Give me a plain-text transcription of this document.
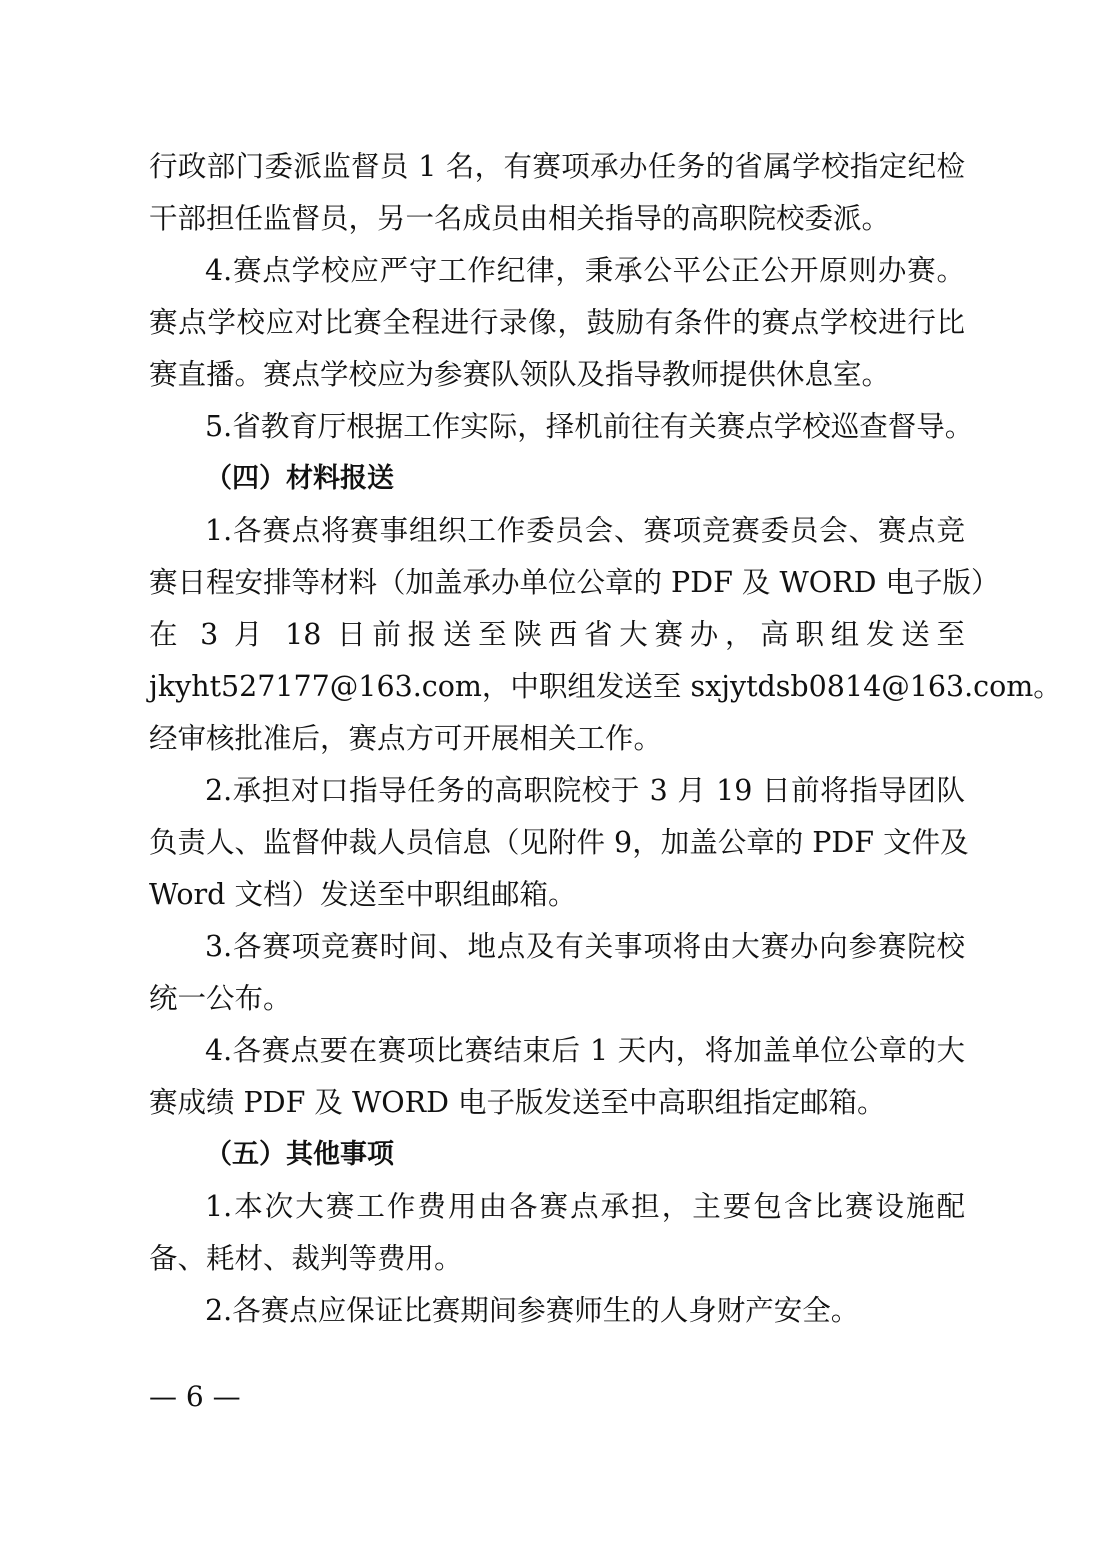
行政部门委派监督员 1 名，有赛项承办任务的省属学校指定纪检
干部担任监督员，另一名成员由相关指导的高职院校委派。
4.赛点学校应严守工作纪律，秉承公平公正公开原则办赛。
赛点学校应对比赛全程进行录像，鼓励有条件的赛点学校进行比
赛直播。赛点学校应为参赛队领队及指导教师提供休息室。
5.省教育厅根据工作实际，择机前往有关赛点学校巡查督导。
（四）材料报送
1.各赛点将赛事组织工作委员会、赛项竞赛委员会、赛点竞
赛日程安排等材料（加盖承办单位公章的 PDF 及 WORD 电子版）
在 3 月 18 日前报送至陕西省大赛办，高职组发送至
jkyht527177@163.com，中职组发送至 sxjytdsb0814@163.com。
经审核批准后，赛点方可开展相关工作。
2.承担对口指导任务的高职院校于 3 月 19 日前将指导团队
负责人、监督仲裁人员信息（见附件 9，加盖公章的 PDF 文件及
Word 文档）发送至中职组邮箱。
3.各赛项竞赛时间、地点及有关事项将由大赛办向参赛院校
统一公布。
4.各赛点要在赛项比赛结束后 1 天内，将加盖单位公章的大
赛成绩 PDF 及 WORD 电子版发送至中高职组指定邮箱。
（五）其他事项
1.本次大赛工作费用由各赛点承担，主要包含比赛设施配
备、耗材、裁判等费用。
2.各赛点应保证比赛期间参赛师生的人身财产安全。
— 6 —
